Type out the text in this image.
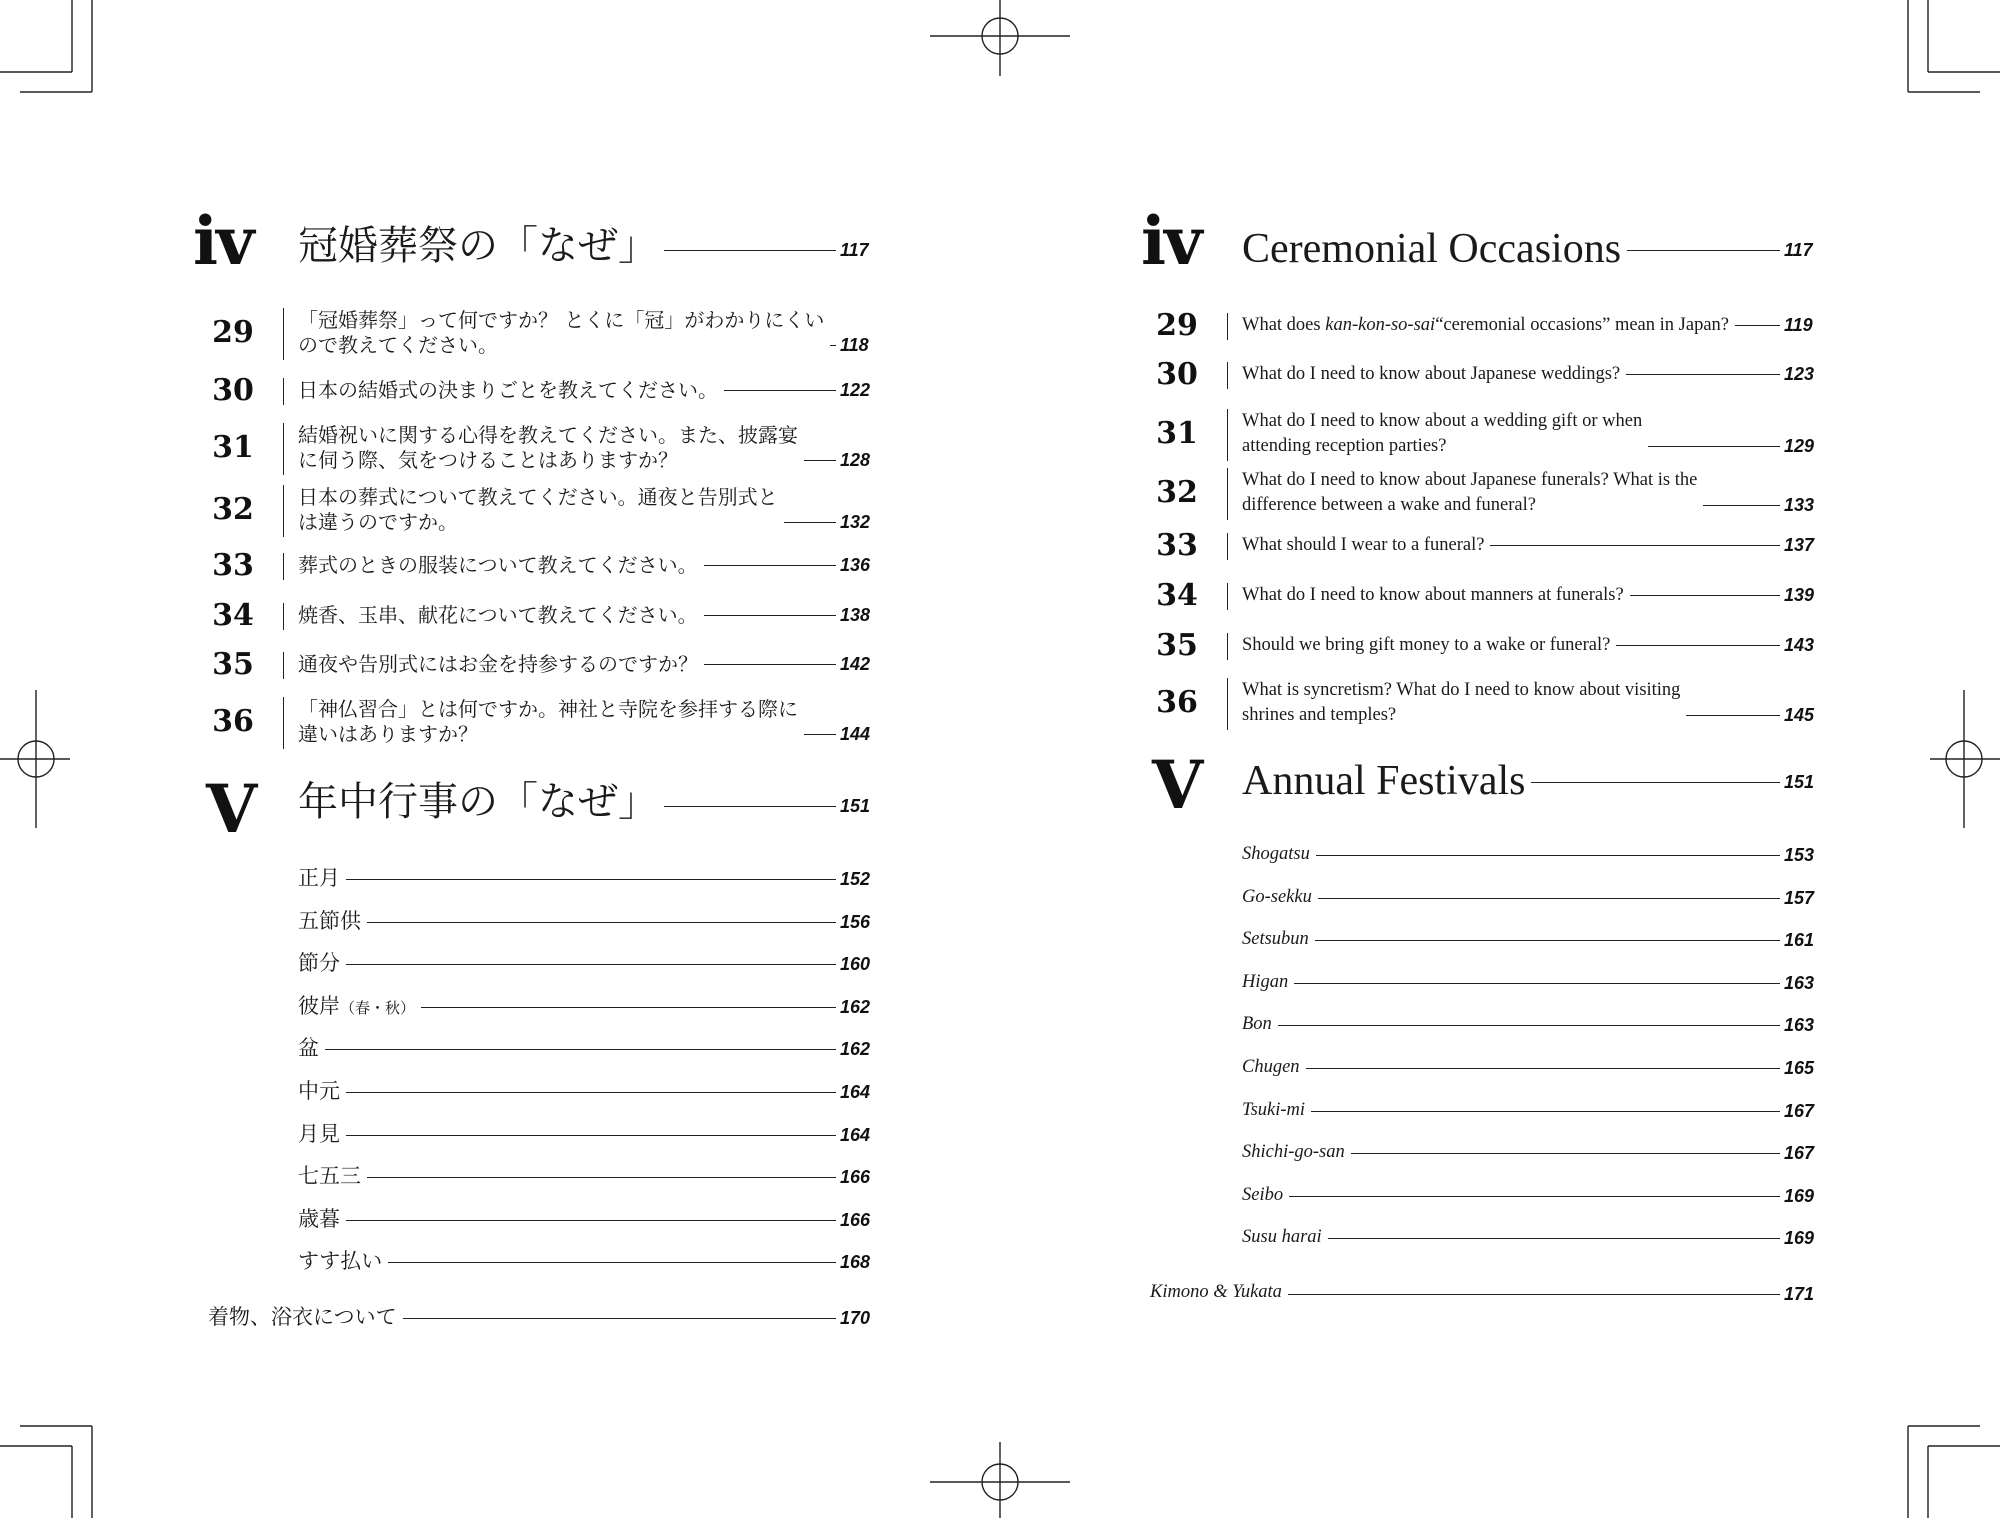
iv 冠婚葬祭の「なぜ」	117
29	「冠婚葬祭」って何ですか？ とくに「冠」がわかりにくい
ので教えてください。	118
30	日本の結婚式の決まりごとを教えてください。	122
31	結婚祝いに関する心得を教えてください。また、披露宴
に伺う際、気をつけることはありますか？	128
32	日本の葬式について教えてください。通夜と告別式と
は違うのですか。	132
33	葬式のときの服装について教えてください。	136
34	焼香、玉串、献花について教えてください。	138
35	通夜や告別式にはお金を持参するのですか？	142
36	「神仏習合」とは何ですか。神社と寺院を参拝する際に
違いはありますか？	144
V 年中行事の「なぜ」	151
正月	152
五節供	156
節分	160
彼岸（春・秋）	162
盆	162
中元	164
月見	164
七五三	166
歳暮	166
すす払い	168
着物、浴衣について	170
iv Ceremonial Occasions	117
29	What does kan-kon-so-sai“ceremonial occasions” mean in Japan?	119
30	What do I need to know about Japanese weddings?	123
31	What do I need to know about a wedding gift or when
attending reception parties?	129
32	What do I need to know about Japanese funerals? What is the
difference between a wake and funeral?	133
33	What should I wear to a funeral?	137
34	What do I need to know about manners at funerals?	139
35	Should we bring gift money to a wake or funeral?	143
36	What is syncretism? What do I need to know about visiting
shrines and temples?	145
V Annual Festivals	151
Shogatsu	153
Go-sekku	157
Setsubun	161
Higan	163
Bon	163
Chugen	165
Tsuki-mi	167
Shichi-go-san	167
Seibo	169
Susu harai	169
Kimono & Yukata	171
